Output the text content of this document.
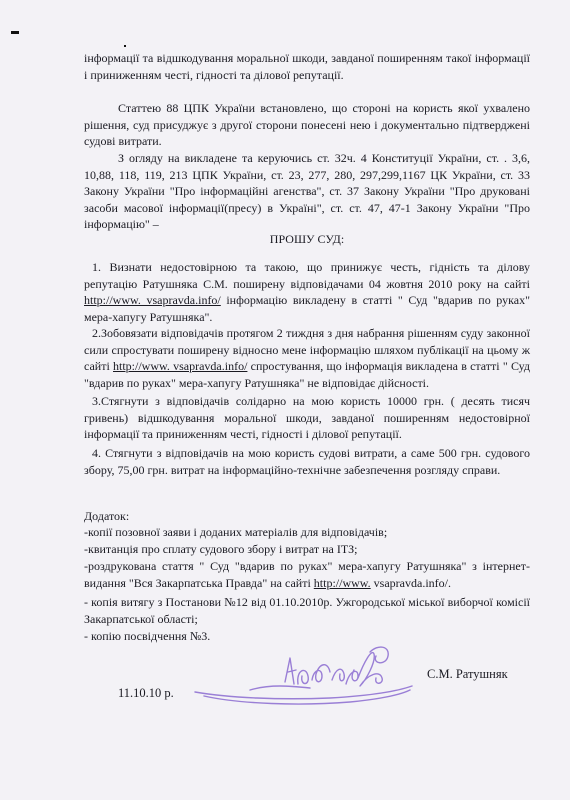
інформації та відшкодування моральної шкоди, завданої поширенням такої інформації і приниженням честі, гідності та ділової репутації.

Статтею 88 ЦПК України встановлено, що стороні на користь якої ухвалено рішення, суд присуджує з другої сторони понесені нею і документально підтверджені судові витрати.

З огляду на викладене та керуючись ст. 32ч. 4 Конституції України, ст. . 3,6, 10,88, 118, 119, 213 ЦПК України, ст. 23, 277, 280, 297,299,1167 ЦК України, ст. 33 Закону України "Про інформаційні агенства", ст. 37 Закону України "Про друковані засоби масової інформації(пресу) в Україні", ст. ст. 47, 47-1 Закону України "Про інформацію" –

ПРОШУ СУД:

1. Визнати недостовірною та такою, що принижує честь, гідність та ділову репутацію Ратушняка С.М. поширену відповідачами 04 жовтня 2010 року на сайті http://www. vsapravda.info/ інформацію викладену в статті " Суд "вдарив по руках" мера-хапугу Ратушняка".

2.Зобовязати відповідачів протягом 2 тиждня з дня набрання рішенням суду законної сили спростувати поширену відносно мене інформацію шляхом публікації на цьому ж сайті http://www. vsapravda.info/ спростування, що інформація викладена в статті " Суд "вдарив по руках" мера-хапугу Ратушняка" не відповідає дійсності.

3.Стягнути з відповідачів солідарно на мою користь 10000 грн. ( десять тисяч гривень) відшкодування моральної шкоди, завданої поширенням недостовірної інформації та приниженням честі, гідності і ділової репутації.

4. Стягнути з відповідачів на мою користь судові витрати, а саме 500 грн. судового збору, 75,00 грн. витрат на інформаційно-технічне забезпечення розгляду справи.

Додаток:

-копії позовної заяви і доданих матеріалів для відповідачів;

-квитанція про сплату судового збору і витрат на ІТЗ;

-роздрукована стаття " Суд "вдарив по руках" мера-хапугу Ратушняка" з інтернет-видання "Вся Закарпатська Правда" на сайті http://www. vsapravda.info/.

- копія витягу з Постанови №12 від 01.10.2010р. Ужгородської міської виборчої комісії Закарпатської області;

- копію посвідчення №3.

11.10.10 р.
С.М. Ратушняк
